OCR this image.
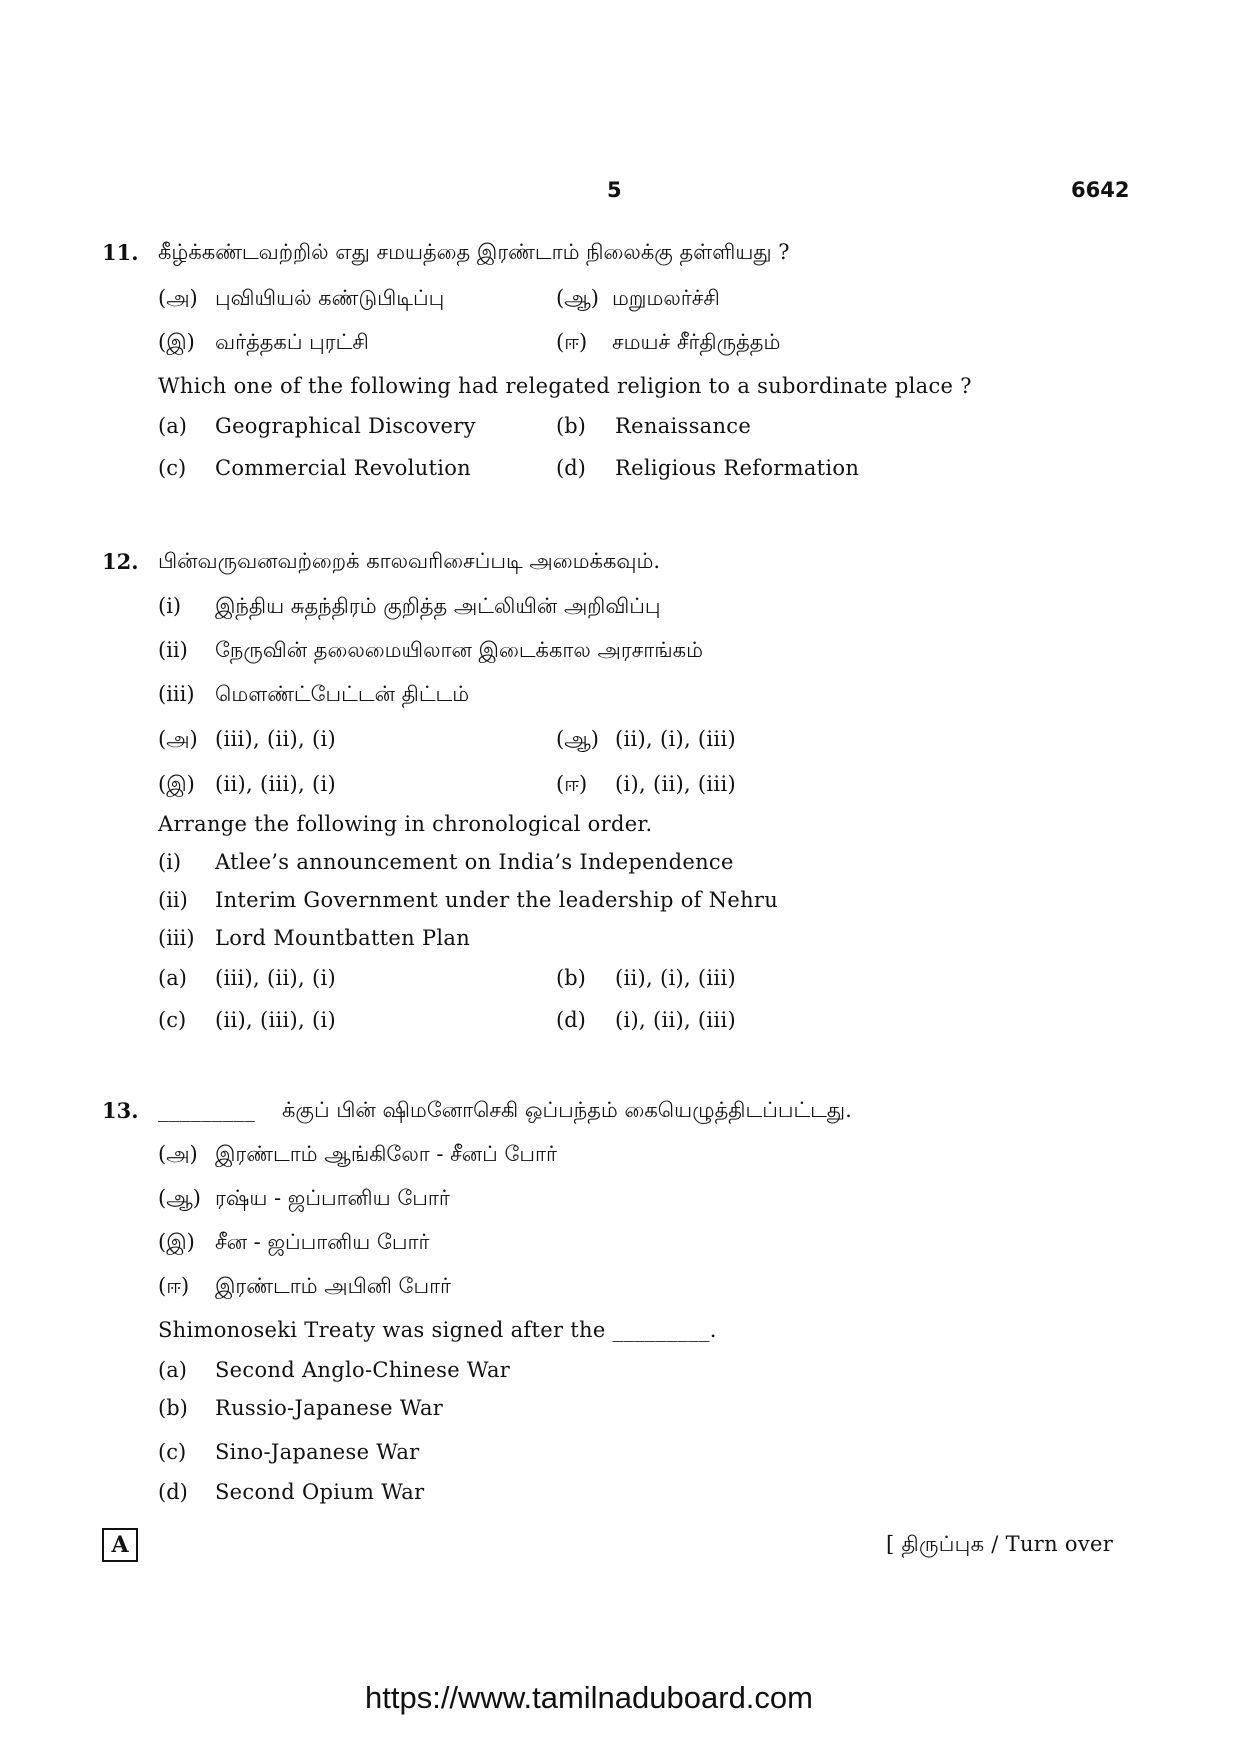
5	6642
11. கீழ்க்கண்டவற்றில் எது சமயத்தை இரண்டாம் நிலைக்கு தள்ளியது ?
(அ) புவியியல் கண்டுபிடிப்பு	(ஆ) மறுமலர்ச்சி
(இ) வர்த்தகப் புரட்சி	(ஈ) சமயச் சீர்திருத்தம்
Which one of the following had relegated religion to a subordinate place ?
(a) Geographical Discovery	(b) Renaissance
(c) Commercial Revolution	(d) Religious Reformation
12. பின்வருவனவற்றைக் காலவரிசைப்படி அமைக்கவும்.
(i) இந்திய சுதந்திரம் குறித்த அட்லியின் அறிவிப்பு
(ii) நேருவின் தலைமையிலான இடைக்கால அரசாங்கம்
(iii) மௌண்ட்பேட்டன் திட்டம்
(அ) (iii), (ii), (i)	(ஆ) (ii), (i), (iii)
(இ) (ii), (iii), (i)	(ஈ) (i), (ii), (iii)
Arrange the following in chronological order.
(i) Atlee’s announcement on India’s Independence
(ii) Interim Government under the leadership of Nehru
(iii) Lord Mountbatten Plan
(a) (iii), (ii), (i)	(b) (ii), (i), (iii)
(c) (ii), (iii), (i)	(d) (i), (ii), (iii)
13. _________ க்குப் பின் ஷிமனோசெகி ஒப்பந்தம் கையெழுத்திடப்பட்டது.
(அ) இரண்டாம் ஆங்கிலோ - சீனப் போர்
(ஆ) ரஷ்ய - ஜப்பானிய போர்
(இ) சீன - ஜப்பானிய போர்
(ஈ) இரண்டாம் அபினி போர்
Shimonoseki Treaty was signed after the _________.
(a) Second Anglo-Chinese War
(b) Russio-Japanese War
(c) Sino-Japanese War
(d) Second Opium War
A	[ திருப்புக / Turn over
https://www.tamilnaduboard.com
